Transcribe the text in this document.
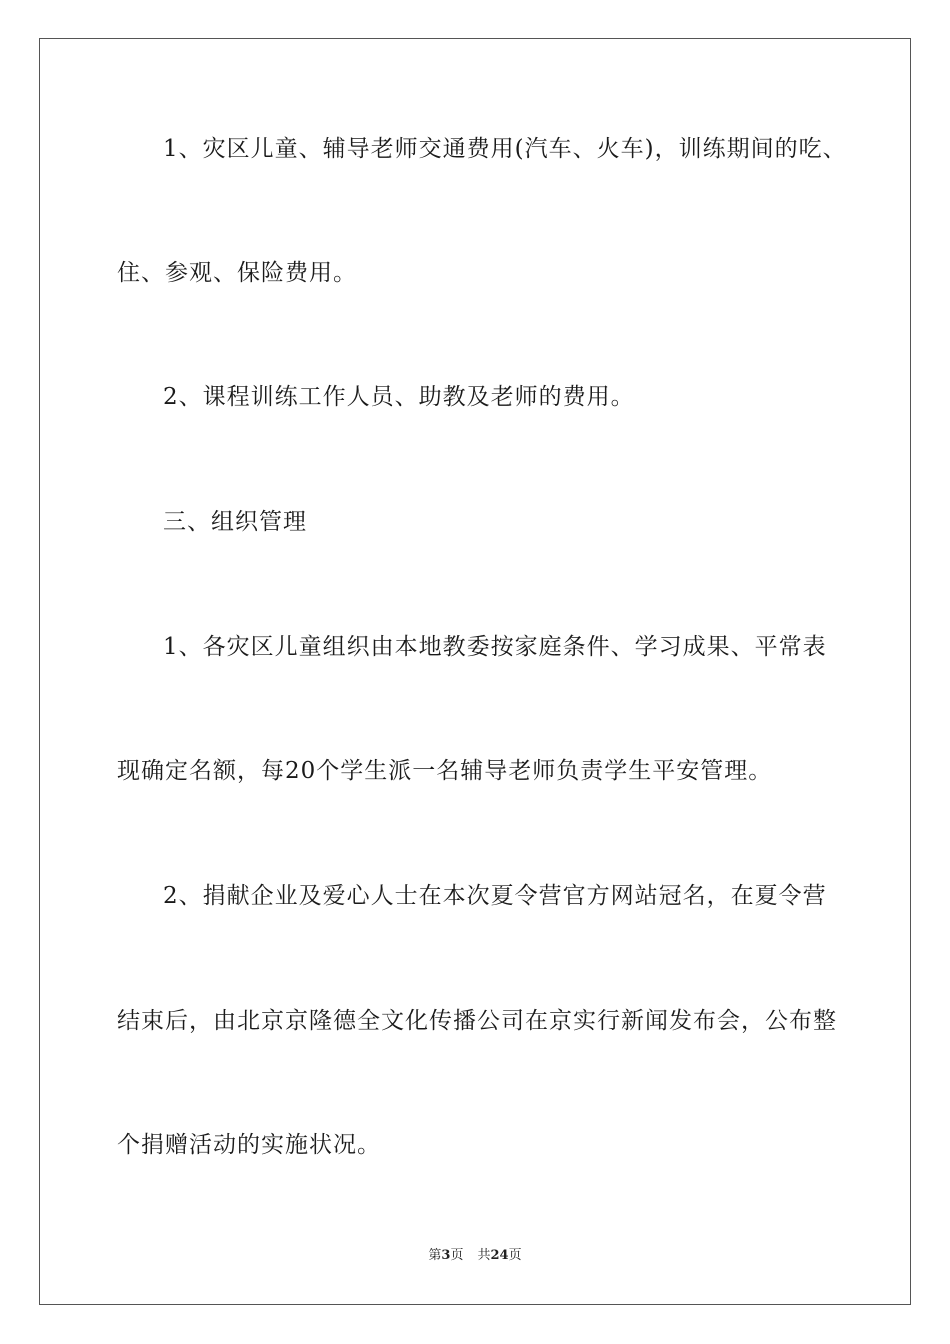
1、灾区儿童、辅导老师交通费用(汽车、火车)，训练期间的吃、
住、参观、保险费用。
2、课程训练工作人员、助教及老师的费用。
三、组织管理
1、各灾区儿童组织由本地教委按家庭条件、学习成果、平常表
现确定名额，每20个学生派一名辅导老师负责学生平安管理。
2、捐献企业及爱心人士在本次夏令营官方网站冠名，在夏令营
结束后，由北京京隆德全文化传播公司在京实行新闻发布会，公布整
个捐赠活动的实施状况。
第3页 共24页
